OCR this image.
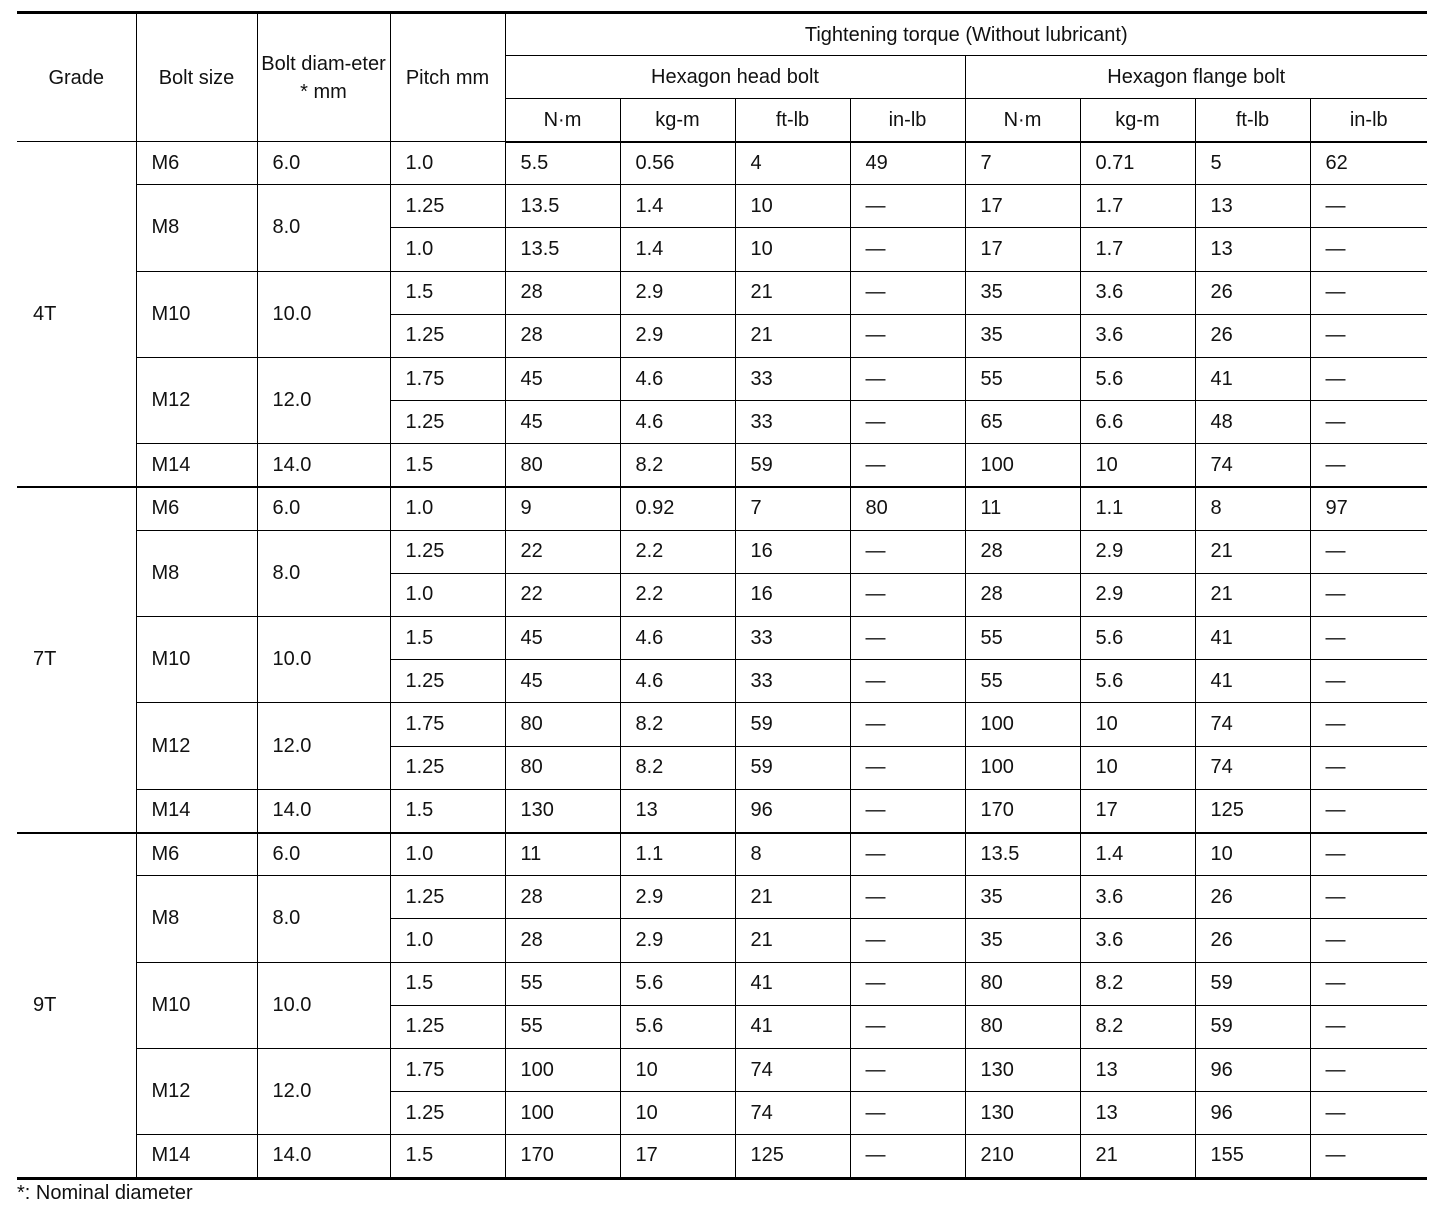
Grade	Bolt size	Bolt diam-eter * mm	Pitch mm	Tightening torque (Without lubricant)							
				Hexagon head bolt				Hexagon flange bolt			
				N·m	kg-m	ft-lb	in-lb	N·m	kg-m	ft-lb	in-lb
4T	M6	6.0	1.0	5.5	0.56	4	49	7	0.71	5	62
	M8	8.0	1.25	13.5	1.4	10	—	17	1.7	13	—
			1.0	13.5	1.4	10	—	17	1.7	13	—
	M10	10.0	1.5	28	2.9	21	—	35	3.6	26	—
			1.25	28	2.9	21	—	35	3.6	26	—
	M12	12.0	1.75	45	4.6	33	—	55	5.6	41	—
			1.25	45	4.6	33	—	65	6.6	48	—
	M14	14.0	1.5	80	8.2	59	—	100	10	74	—
7T	M6	6.0	1.0	9	0.92	7	80	11	1.1	8	97
	M8	8.0	1.25	22	2.2	16	—	28	2.9	21	—
			1.0	22	2.2	16	—	28	2.9	21	—
	M10	10.0	1.5	45	4.6	33	—	55	5.6	41	—
			1.25	45	4.6	33	—	55	5.6	41	—
	M12	12.0	1.75	80	8.2	59	—	100	10	74	—
			1.25	80	8.2	59	—	100	10	74	—
	M14	14.0	1.5	130	13	96	—	170	17	125	—
9T	M6	6.0	1.0	11	1.1	8	—	13.5	1.4	10	—
	M8	8.0	1.25	28	2.9	21	—	35	3.6	26	—
			1.0	28	2.9	21	—	35	3.6	26	—
	M10	10.0	1.5	55	5.6	41	—	80	8.2	59	—
			1.25	55	5.6	41	—	80	8.2	59	—
	M12	12.0	1.75	100	10	74	—	130	13	96	—
			1.25	100	10	74	—	130	13	96	—
	M14	14.0	1.5	170	17	125	—	210	21	155	—
*: Nominal diameter
